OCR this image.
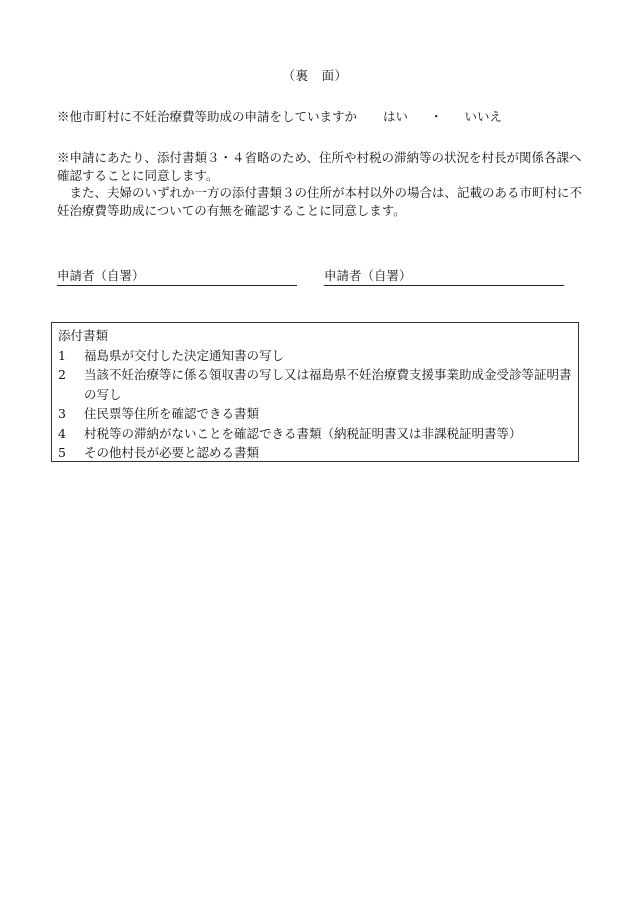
（裏　面）
※他市町村に不妊治療費等助成の申請をしていますか はい ・ いいえ

※申請にあたり、添付書類３・４省略のため、住所や村税の滞納等の状況を村長が関係各課へ確認することに同意します。

また、夫婦のいずれか一方の添付書類３の住所が本村以外の場合は、記載のある市町村に不妊治療費等助成についての有無を確認することに同意します。

申請者（自署）	申請者（自署）
添付書類
1	福島県が交付した決定通知書の写し
2	当該不妊治療等に係る領収書の写し又は福島県不妊治療費支援事業助成金受診等証明書の写し
3	住民票等住所を確認できる書類
4	村税等の滞納がないことを確認できる書類（納税証明書又は非課税証明書等）
5	その他村長が必要と認める書類
